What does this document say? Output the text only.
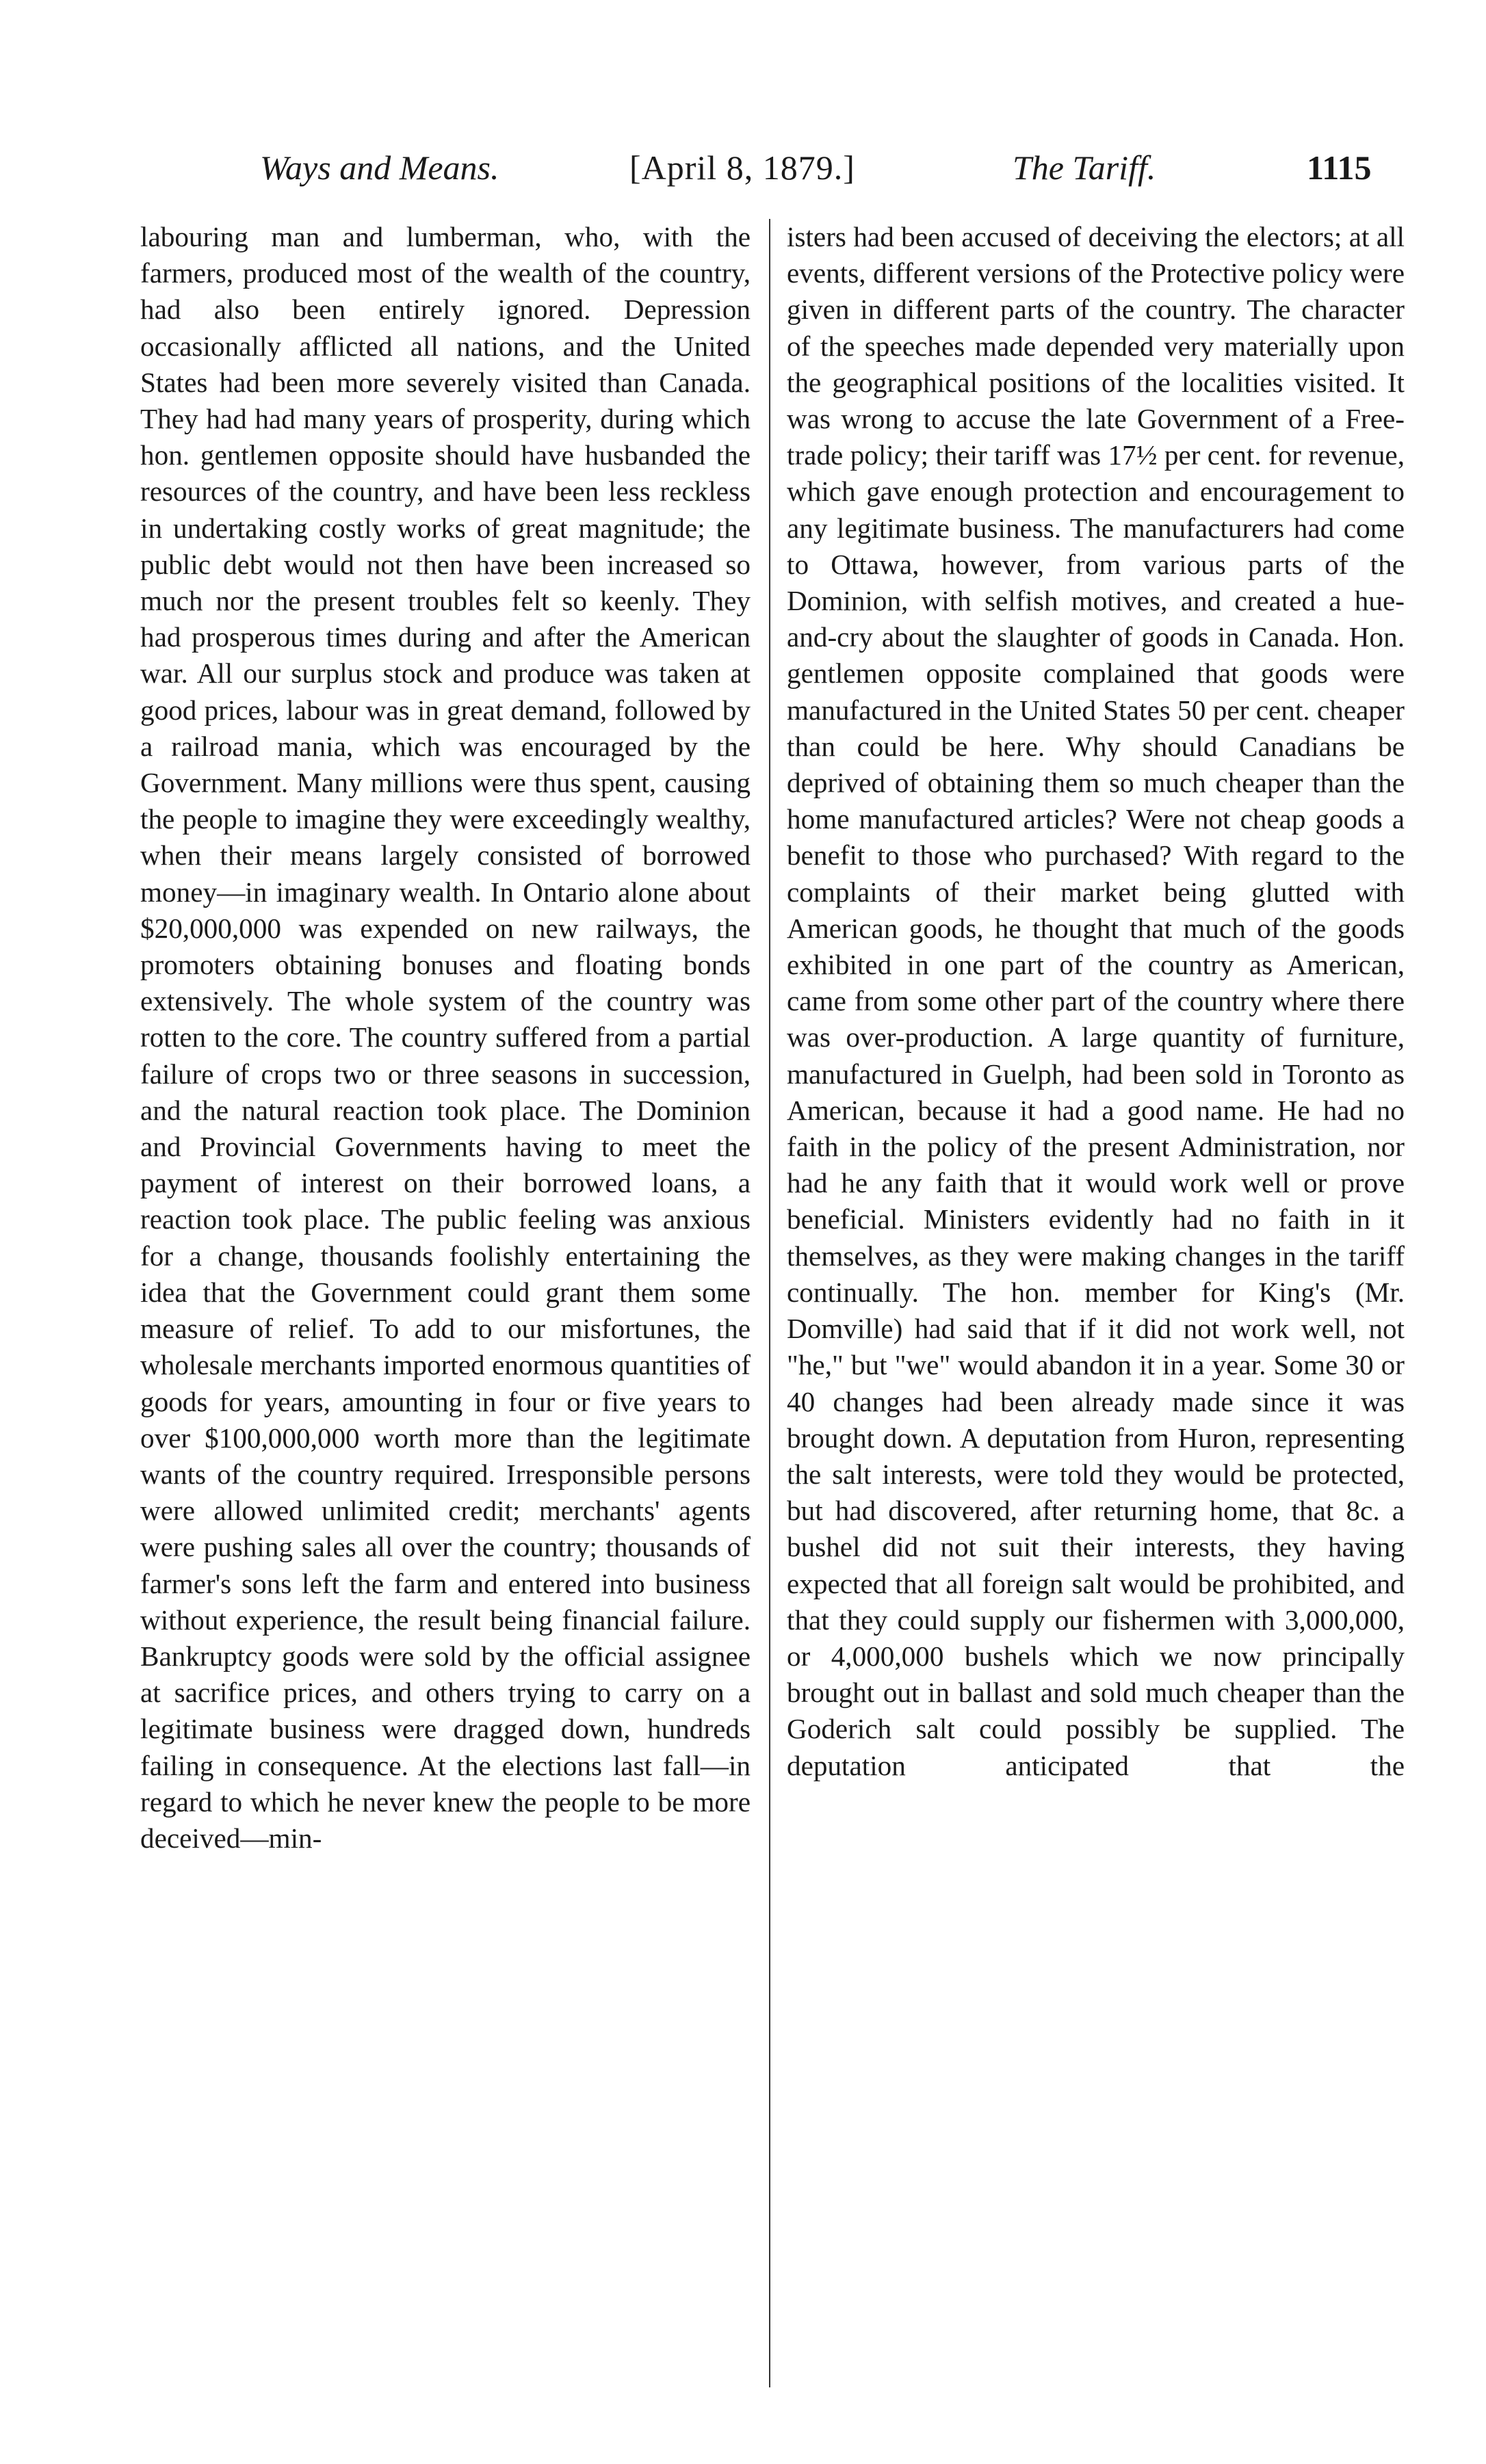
Ways and Means.	[April 8, 1879.]	The Tariff.	1115

labouring man and lumberman, who, with the farmers, produced most of the wealth of the country, had also been entirely ignored. Depression occasionally afflicted all nations, and the United States had been more severely visited than Canada. They had had many years of prosperity, during which hon. gentlemen opposite should have husbanded the resources of the country, and have been less reckless in undertaking costly works of great magnitude; the public debt would not then have been increased so much nor the present troubles felt so keenly. They had prosperous times during and after the American war. All our surplus stock and produce was taken at good prices, labour was in great demand, followed by a railroad mania, which was encouraged by the Government. Many millions were thus spent, causing the people to imagine they were exceedingly wealthy, when their means largely consisted of borrowed money—in imaginary wealth. In Ontario alone about $20,000,000 was expended on new railways, the promoters obtaining bonuses and floating bonds extensively. The whole system of the country was rotten to the core. The country suffered from a partial failure of crops two or three seasons in succession, and the natural reaction took place. The Dominion and Provincial Governments having to meet the payment of interest on their borrowed loans, a reaction took place. The public feeling was anxious for a change, thousands foolishly entertaining the idea that the Government could grant them some measure of relief. To add to our misfortunes, the wholesale merchants imported enormous quantities of goods for years, amounting in four or five years to over $100,000,000 worth more than the legitimate wants of the country required. Irresponsible persons were allowed unlimited credit; merchants' agents were pushing sales all over the country; thousands of farmer's sons left the farm and entered into business without experience, the result being financial failure. Bankruptcy goods were sold by the official assignee at sacrifice prices, and others trying to carry on a legitimate business were dragged down, hundreds failing in consequence. At the elections last fall—in regard to which he never knew the people to be more deceived—min-

isters had been accused of deceiving the electors; at all events, different versions of the Protective policy were given in different parts of the country. The character of the speeches made depended very materially upon the geographical positions of the localities visited. It was wrong to accuse the late Government of a Free-trade policy; their tariff was 17½ per cent. for revenue, which gave enough protection and encouragement to any legitimate business. The manufacturers had come to Ottawa, however, from various parts of the Dominion, with selfish motives, and created a hue-and-cry about the slaughter of goods in Canada. Hon. gentlemen opposite complained that goods were manufactured in the United States 50 per cent. cheaper than could be here. Why should Canadians be deprived of obtaining them so much cheaper than the home manufactured articles? Were not cheap goods a benefit to those who purchased? With regard to the complaints of their market being glutted with American goods, he thought that much of the goods exhibited in one part of the country as American, came from some other part of the country where there was over-production. A large quantity of furniture, manufactured in Guelph, had been sold in Toronto as American, because it had a good name. He had no faith in the policy of the present Administration, nor had he any faith that it would work well or prove beneficial. Ministers evidently had no faith in it themselves, as they were making changes in the tariff continually. The hon. member for King's (Mr. Domville) had said that if it did not work well, not "he," but "we" would abandon it in a year. Some 30 or 40 changes had been already made since it was brought down. A deputation from Huron, representing the salt interests, were told they would be protected, but had discovered, after returning home, that 8c. a bushel did not suit their interests, they having expected that all foreign salt would be prohibited, and that they could supply our fishermen with 3,000,000, or 4,000,000 bushels which we now principally brought out in ballast and sold much cheaper than the Goderich salt could possibly be supplied. The deputation anticipated that the
